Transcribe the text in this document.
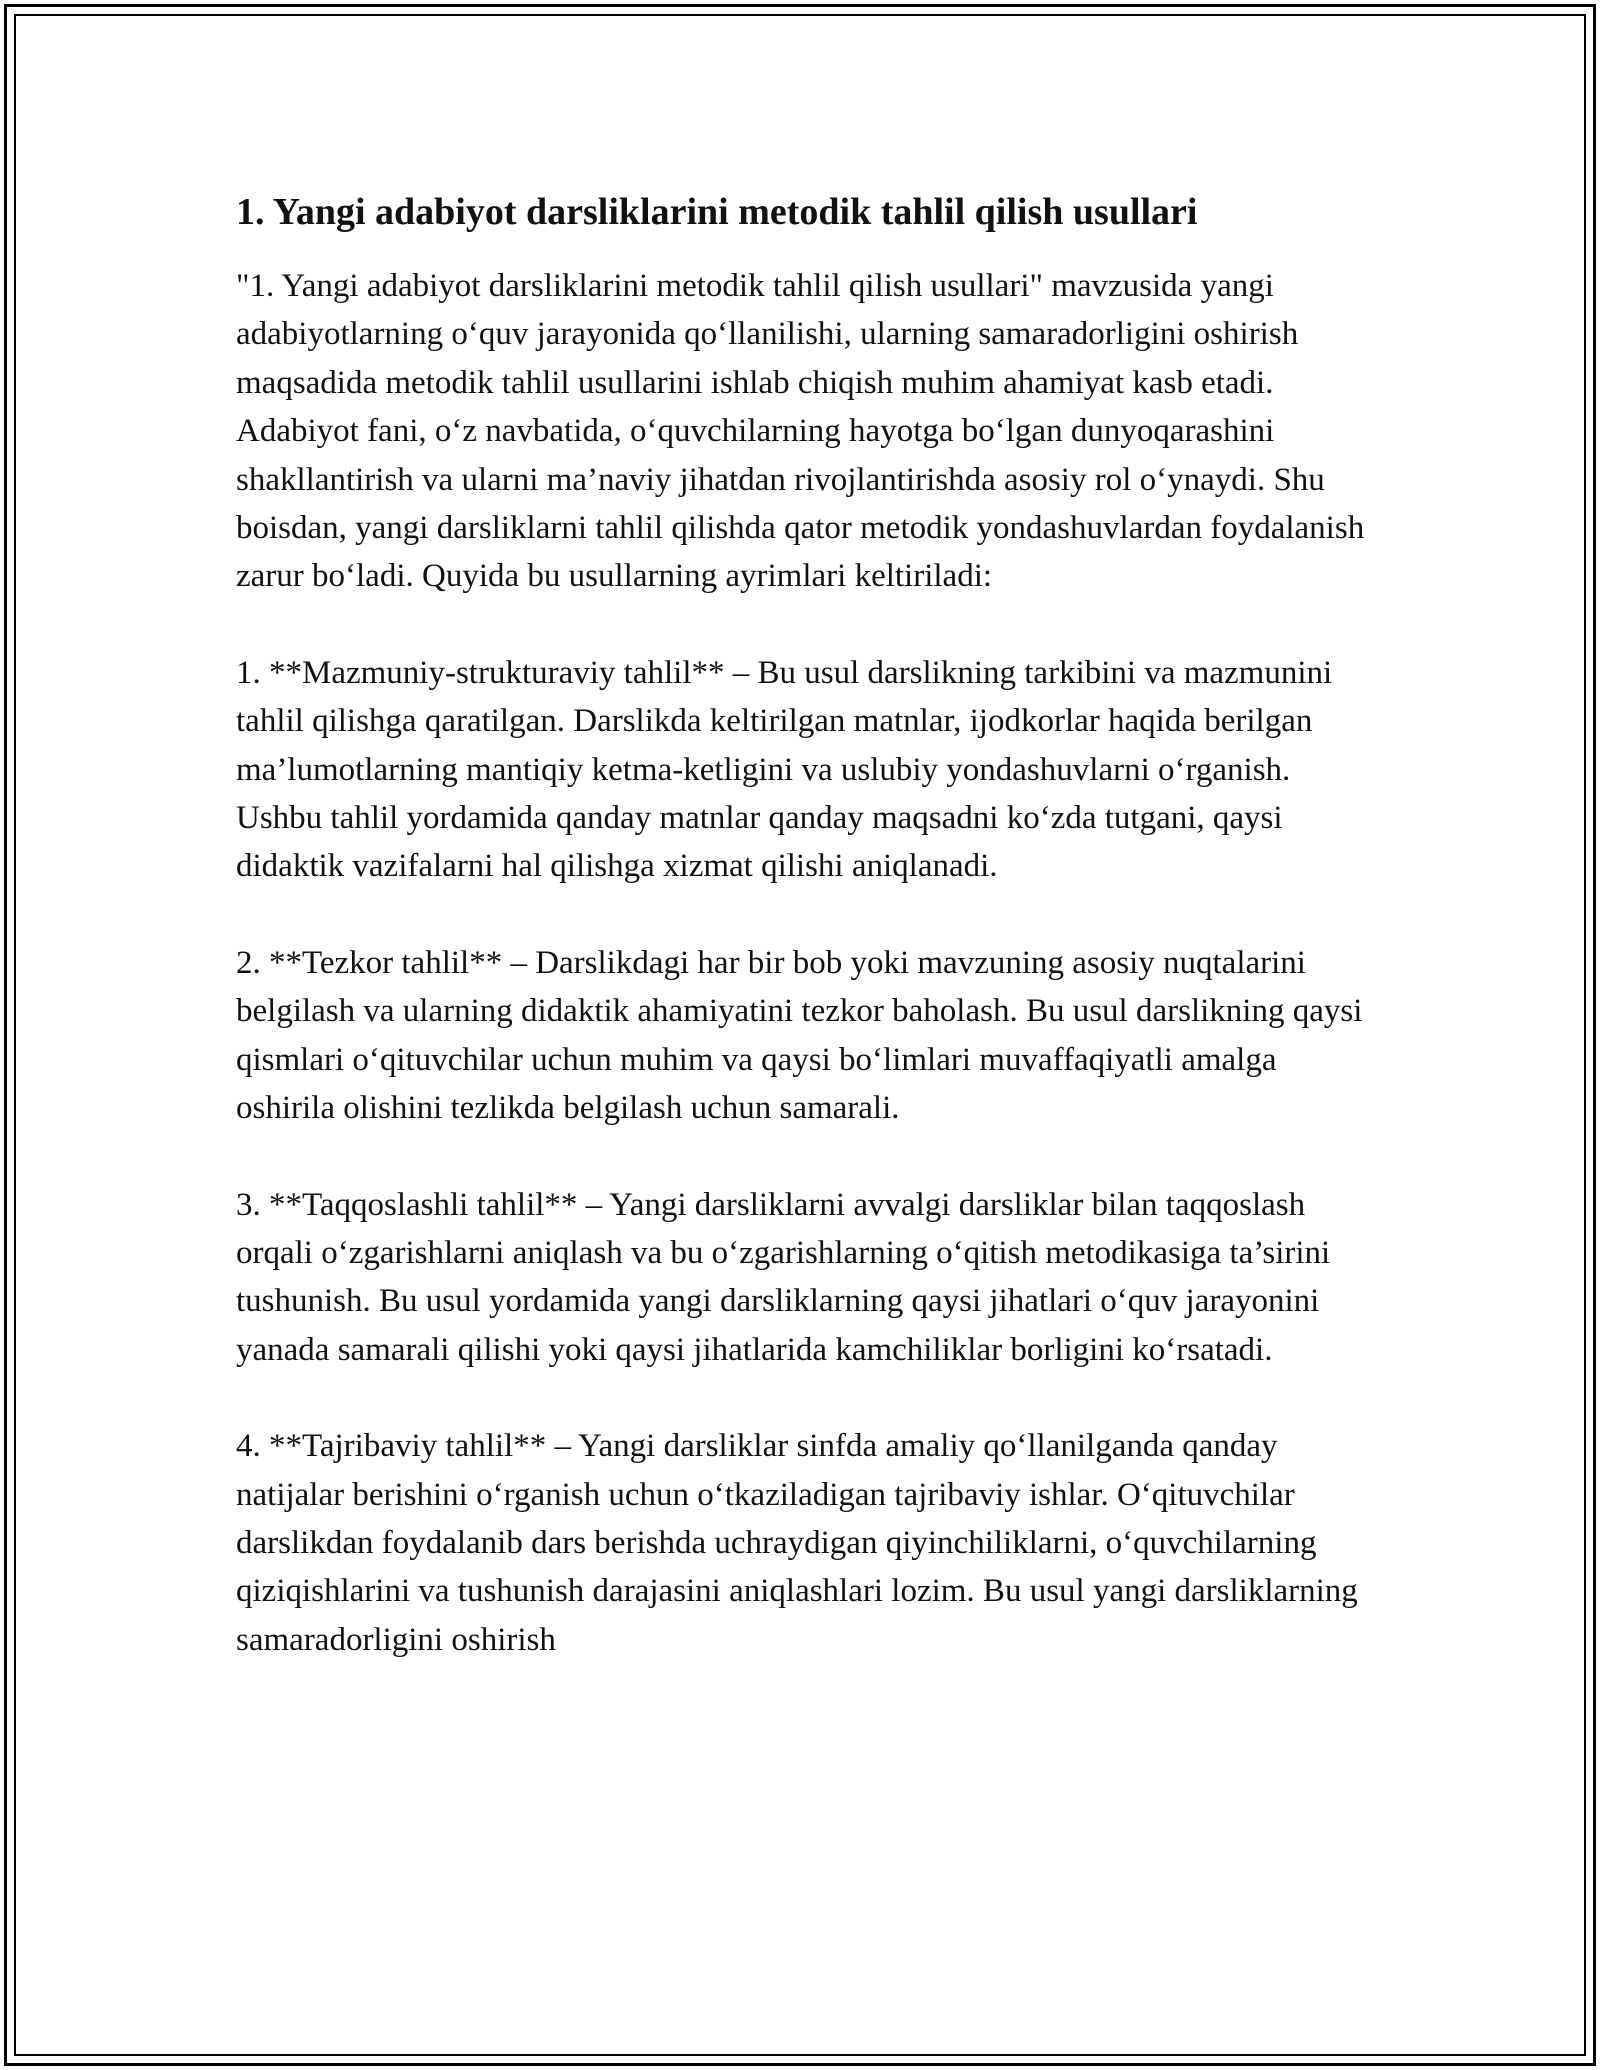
1. Yangi adabiyot darsliklarini metodik tahlil qilish usullari

"1. Yangi adabiyot darsliklarini metodik tahlil qilish usullari" mavzusida yangi adabiyotlarning o‘quv jarayonida qo‘llanilishi, ularning samaradorligini oshirish maqsadida metodik tahlil usullarini ishlab chiqish muhim ahamiyat kasb etadi. Adabiyot fani, o‘z navbatida, o‘quvchilarning hayotga bo‘lgan dunyoqarashini shakllantirish va ularni ma’naviy jihatdan rivojlantirishda asosiy rol o‘ynaydi. Shu boisdan, yangi darsliklarni tahlil qilishda qator metodik yondashuvlardan foydalanish zarur bo‘ladi. Quyida bu usullarning ayrimlari keltiriladi:

1. **Mazmuniy-strukturaviy tahlil** – Bu usul darslikning tarkibini va mazmunini tahlil qilishga qaratilgan. Darslikda keltirilgan matnlar, ijodkorlar haqida berilgan ma’lumotlarning mantiqiy ketma-ketligini va uslubiy yondashuvlarni o‘rganish. Ushbu tahlil yordamida qanday matnlar qanday maqsadni ko‘zda tutgani, qaysi didaktik vazifalarni hal qilishga xizmat qilishi aniqlanadi.

2. **Tezkor tahlil** – Darslikdagi har bir bob yoki mavzuning asosiy nuqtalarini belgilash va ularning didaktik ahamiyatini tezkor baholash. Bu usul darslikning qaysi qismlari o‘qituvchilar uchun muhim va qaysi bo‘limlari muvaffaqiyatli amalga oshirila olishini tezlikda belgilash uchun samarali.

3. **Taqqoslashli tahlil** – Yangi darsliklarni avvalgi darsliklar bilan taqqoslash orqali o‘zgarishlarni aniqlash va bu o‘zgarishlarning o‘qitish metodikasiga ta’sirini tushunish. Bu usul yordamida yangi darsliklarning qaysi jihatlari o‘quv jarayonini yanada samarali qilishi yoki qaysi jihatlarida kamchiliklar borligini ko‘rsatadi.

4. **Tajribaviy tahlil** – Yangi darsliklar sinfda amaliy qo‘llanilganda qanday natijalar berishini o‘rganish uchun o‘tkaziladigan tajribaviy ishlar. O‘qituvchilar darslikdan foydalanib dars berishda uchraydigan qiyinchiliklarni, o‘quvchilarning qiziqishlarini va tushunish darajasini aniqlashlari lozim. Bu usul yangi darsliklarning samaradorligini oshirish
